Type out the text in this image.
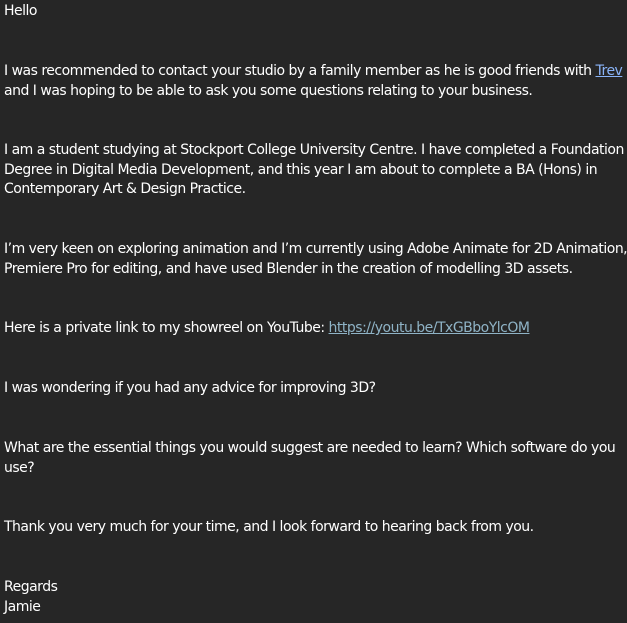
Hello

I was recommended to contact your studio by a family member as he is good friends with Trev
and I was hoping to be able to ask you some questions relating to your business.

I am a student studying at Stockport College University Centre. I have completed a Foundation
Degree in Digital Media Development, and this year I am about to complete a BA (Hons) in
Contemporary Art & Design Practice.

I’m very keen on exploring animation and I’m currently using Adobe Animate for 2D Animation,
Premiere Pro for editing, and have used Blender in the creation of modelling 3D assets.

Here is a private link to my showreel on YouTube: https://youtu.be/TxGBboYlcOM

I was wondering if you had any advice for improving 3D?

What are the essential things you would suggest are needed to learn? Which software do you
use?

Thank you very much for your time, and I look forward to hearing back from you.

Regards
Jamie
